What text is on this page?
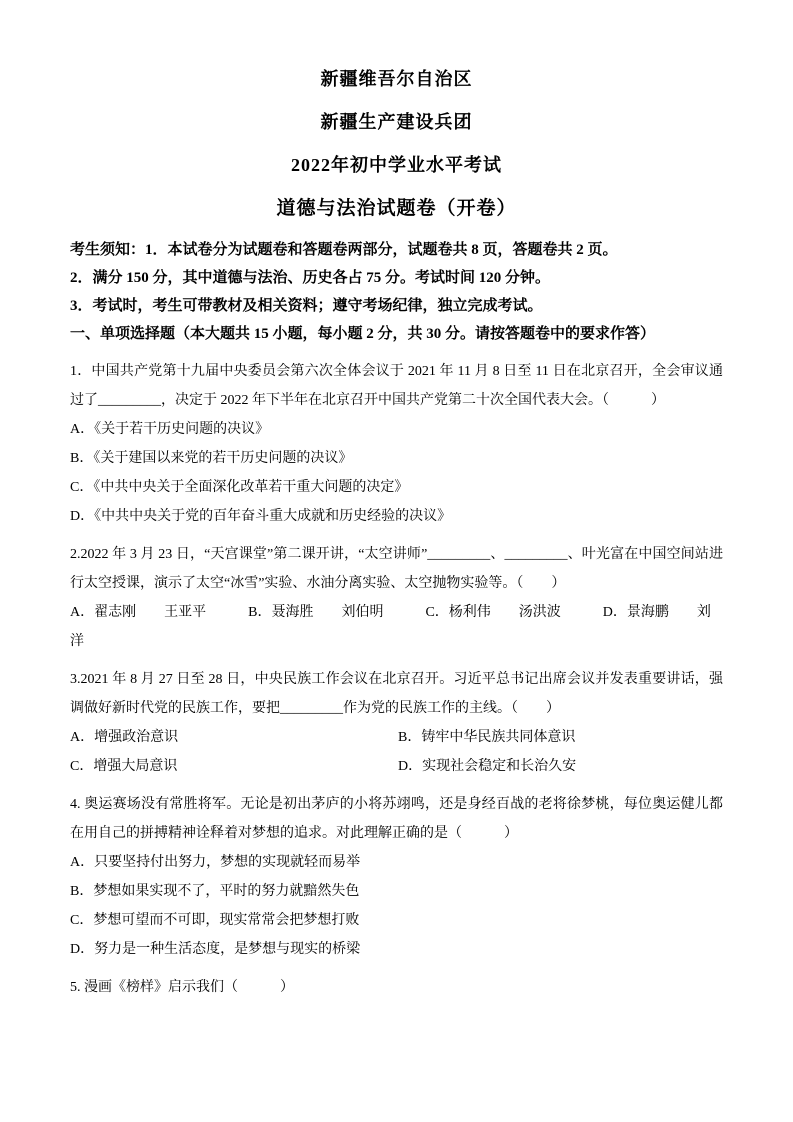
新疆维吾尔自治区
新疆生产建设兵团
2022年初中学业水平考试
道德与法治试题卷（开卷）

考生须知：1．本试卷分为试题卷和答题卷两部分，试题卷共 8 页，答题卷共 2 页。

2．满分 150 分，其中道德与法治、历史各占 75 分。考试时间 120 分钟。

3．考试时，考生可带教材及相关资料；遵守考场纪律，独立完成考试。

一、单项选择题（本大题共 15 小题，每小题 2 分，共 30 分。请按答题卷中的要求作答）

1．中国共产党第十九届中央委员会第六次全体会议于 2021 年 11 月 8 日至 11 日在北京召开，全会审议通过了_________，决定于 2022 年下半年在北京召开中国共产党第二十次全国代表大会。（　　　）

A．《关于若干历史问题的决议》

B．《关于建国以来党的若干历史问题的决议》

C．《中共中央关于全面深化改革若干重大问题的决定》

D．《中共中央关于党的百年奋斗重大成就和历史经验的决议》

2.2022 年 3 月 23 日，“天宫课堂”第二课开讲，“太空讲师”_________、_________、叶光富在中国空间站进行太空授课，演示了太空“冰雪”实验、水油分离实验、太空抛物实验等。（　　）

A．翟志刚　　王亚平　　　B．聂海胜　　刘伯明　　　C．杨利伟　　汤洪波　　　D．景海鹏　　刘洋

3.2021 年 8 月 27 日至 28 日，中央民族工作会议在北京召开。习近平总书记出席会议并发表重要讲话，强调做好新时代党的民族工作，要把_________作为党的民族工作的主线。（　　）

A．增强政治意识	B．铸牢中华民族共同体意识

C．增强大局意识	D．实现社会稳定和长治久安

4. 奥运赛场没有常胜将军。无论是初出茅庐的小将苏翊鸣，还是身经百战的老将徐梦桃，每位奥运健儿都在用自己的拼搏精神诠释着对梦想的追求。对此理解正确的是（　　　）

A．只要坚持付出努力，梦想的实现就轻而易举

B．梦想如果实现不了，平时的努力就黯然失色

C．梦想可望而不可即，现实常常会把梦想打败

D．努力是一种生活态度，是梦想与现实的桥梁

5. 漫画《榜样》启示我们（　　　）
